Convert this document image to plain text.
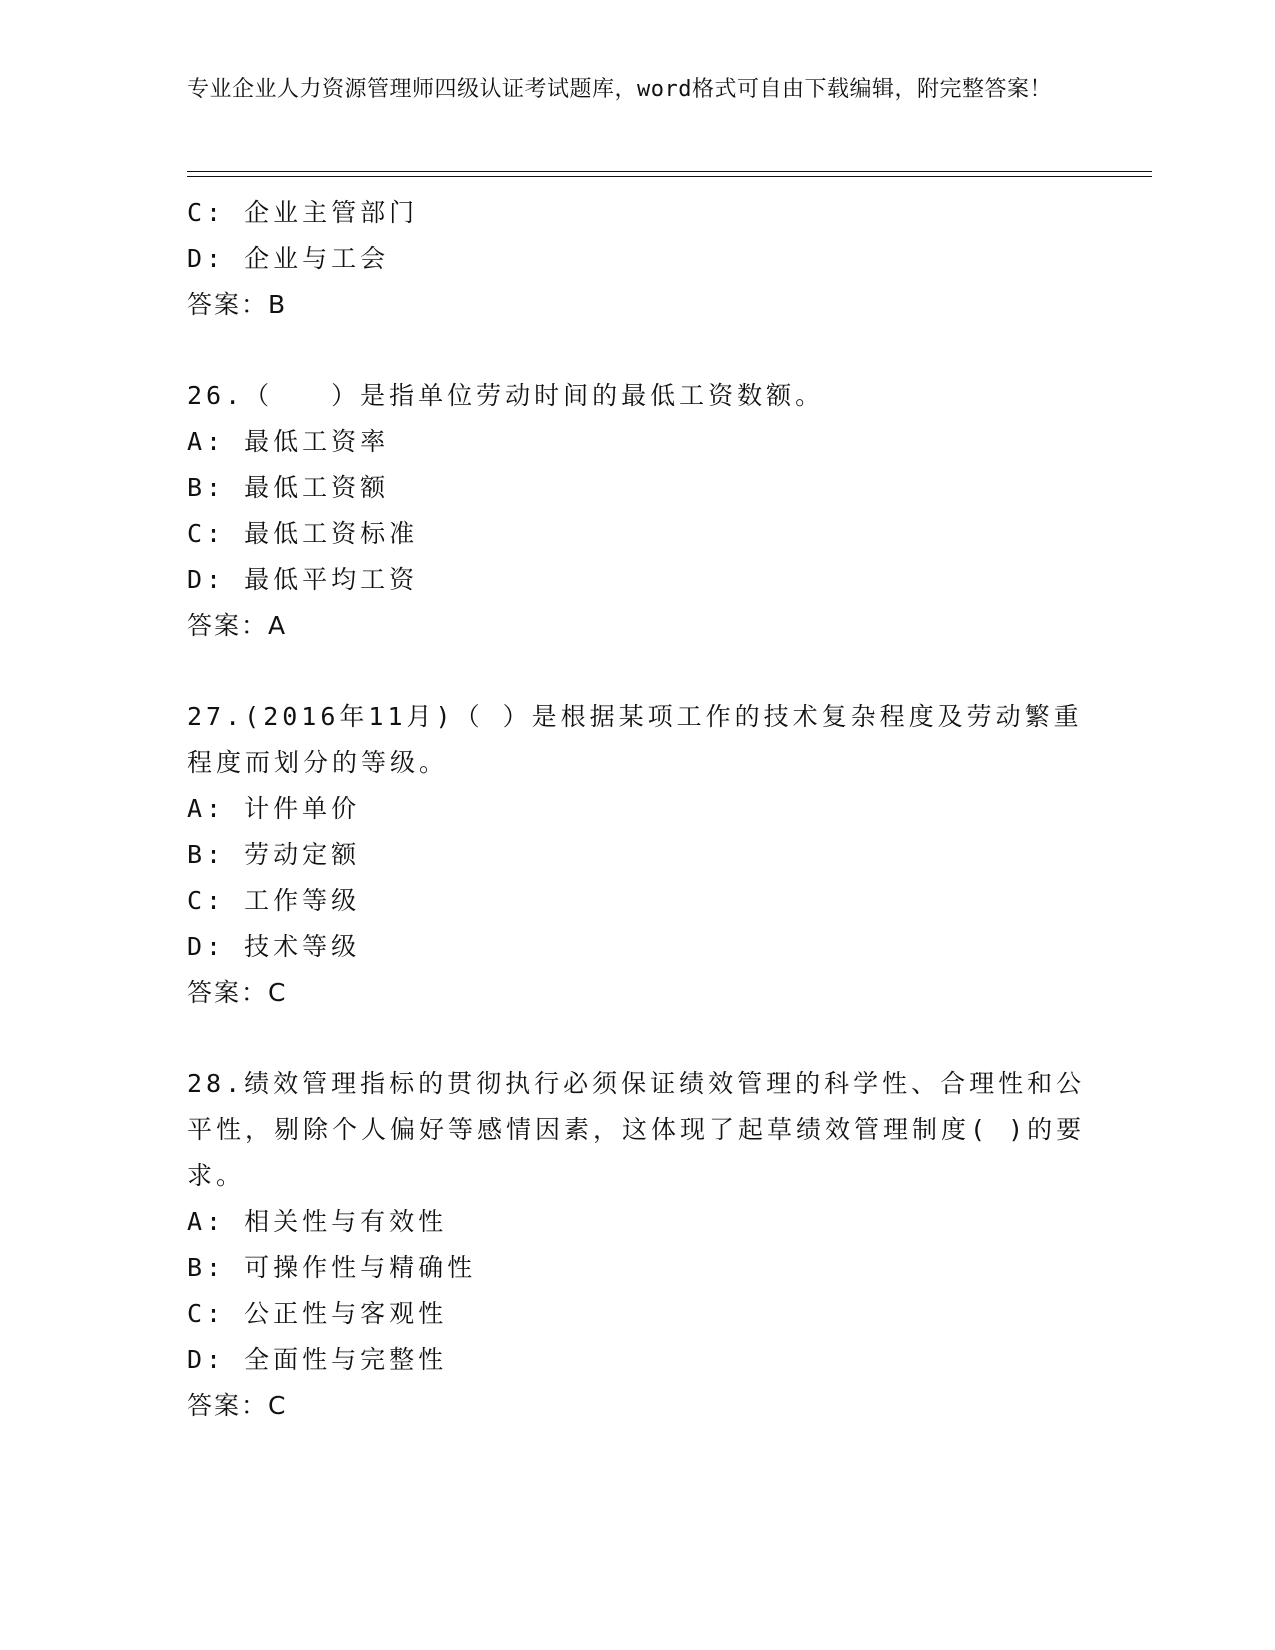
专业企业人力资源管理师四级认证考试题库，word格式可自由下载编辑，附完整答案！
C: 企业主管部门
D: 企业与工会
答案：B
26.（　　）是指单位劳动时间的最低工资数额。
A: 最低工资率
B: 最低工资额
C: 最低工资标准
D: 最低平均工资
答案：A
27.(2016年11月)（ ）是根据某项工作的技术复杂程度及劳动繁重程度而划分的等级。
A: 计件单价
B: 劳动定额
C: 工作等级
D: 技术等级
答案：C
28.绩效管理指标的贯彻执行必须保证绩效管理的科学性、合理性和公平性，剔除个人偏好等感情因素，这体现了起草绩效管理制度( )的要求。
A: 相关性与有效性
B: 可操作性与精确性
C: 公正性与客观性
D: 全面性与完整性
答案：C
